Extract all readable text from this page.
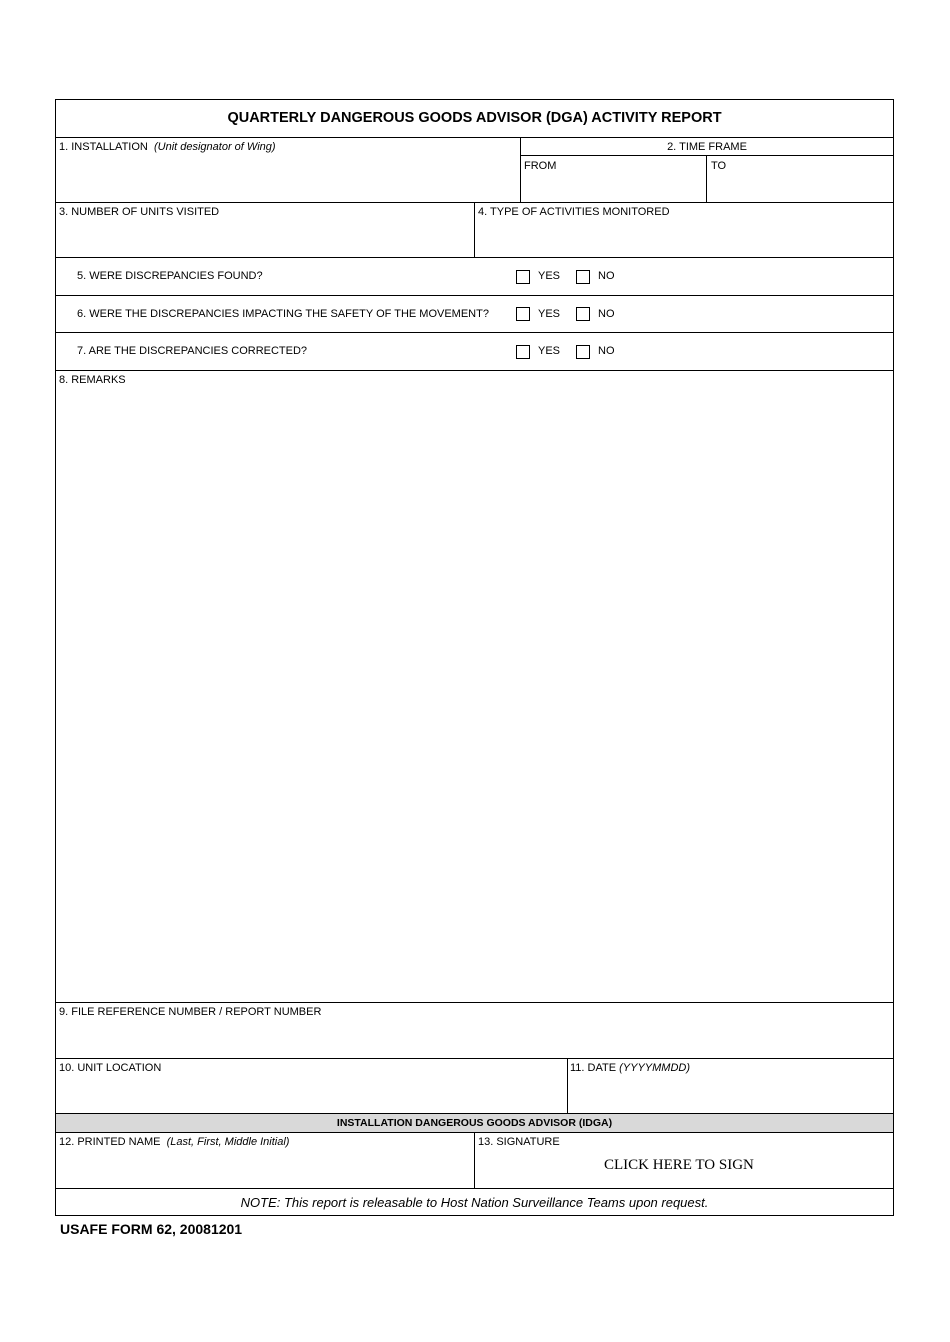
QUARTERLY DANGEROUS GOODS ADVISOR (DGA) ACTIVITY REPORT
1. INSTALLATION (Unit designator of Wing)	2. TIME FRAME
FROM	TO
3. NUMBER OF UNITS VISITED	4. TYPE OF ACTIVITIES MONITORED
5. WERE DISCREPANCIES FOUND?	YES	NO
6. WERE THE DISCREPANCIES IMPACTING THE SAFETY OF THE MOVEMENT?	YES	NO
7. ARE THE DISCREPANCIES CORRECTED?	YES	NO
8. REMARKS
9. FILE REFERENCE NUMBER / REPORT NUMBER
10. UNIT LOCATION	11. DATE (YYYYMMDD)
INSTALLATION DANGEROUS GOODS ADVISOR (IDGA)
12. PRINTED NAME (Last, First, Middle Initial)	13. SIGNATURE
CLICK HERE TO SIGN
NOTE: This report is releasable to Host Nation Surveillance Teams upon request.
USAFE FORM 62, 20081201
